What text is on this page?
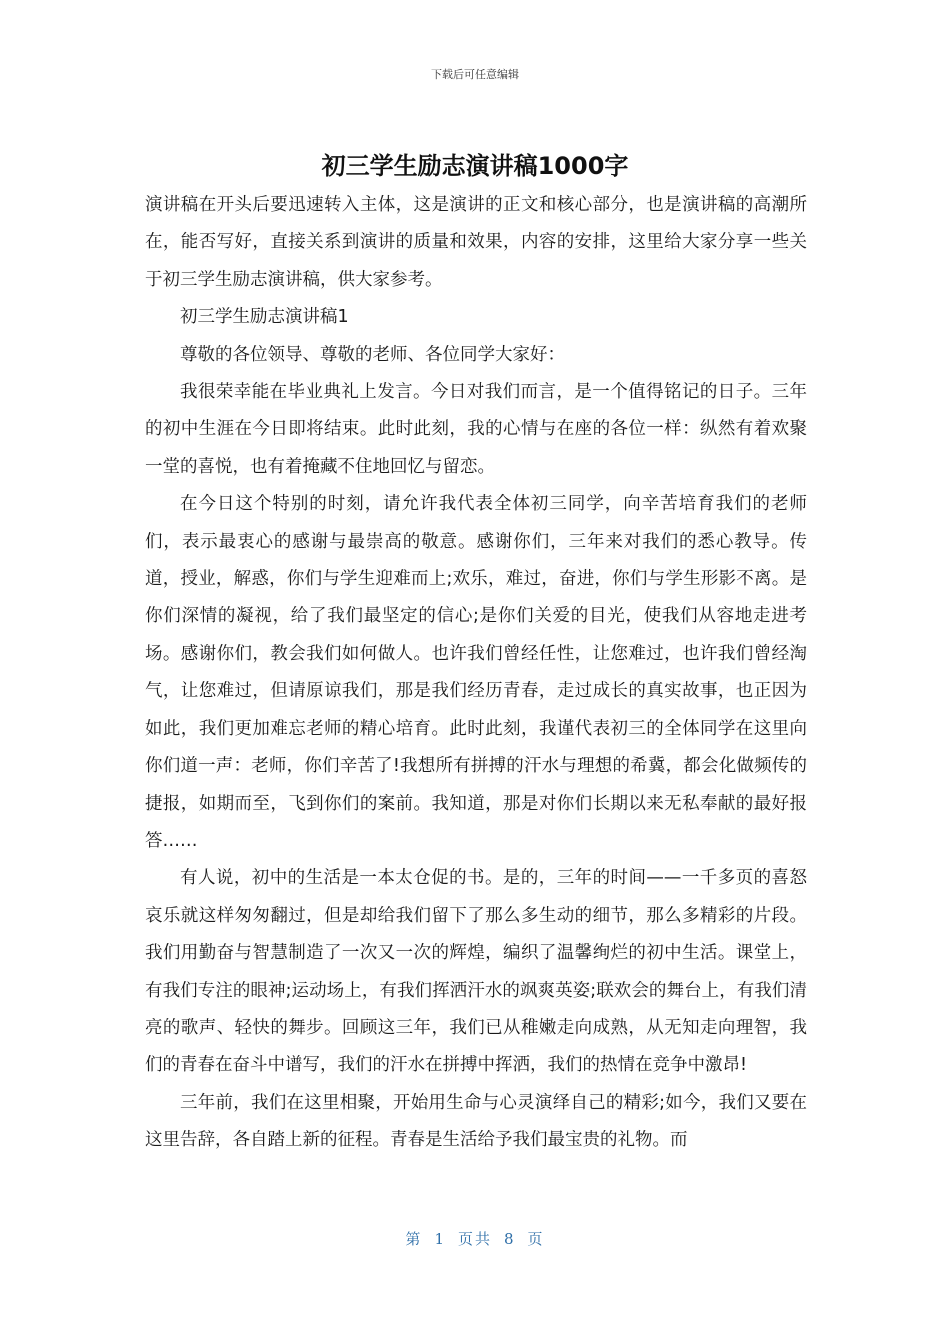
下载后可任意编辑
初三学生励志演讲稿1000字

演讲稿在开头后要迅速转入主体，这是演讲的正文和核心部分，也是演讲稿的高潮所在，能否写好，直接关系到演讲的质量和效果，内容的安排，这里给大家分享一些关于初三学生励志演讲稿，供大家参考。

初三学生励志演讲稿1

尊敬的各位领导、尊敬的老师、各位同学大家好：

我很荣幸能在毕业典礼上发言。今日对我们而言，是一个值得铭记的日子。三年的初中生涯在今日即将结束。此时此刻，我的心情与在座的各位一样：纵然有着欢聚一堂的喜悦，也有着掩藏不住地回忆与留恋。

在今日这个特别的时刻，请允许我代表全体初三同学，向辛苦培育我们的老师们，表示最衷心的感谢与最崇高的敬意。感谢你们，三年来对我们的悉心教导。传道，授业，解惑，你们与学生迎难而上;欢乐，难过，奋进，你们与学生形影不离。是你们深情的凝视，给了我们最坚定的信心;是你们关爱的目光，使我们从容地走进考场。感谢你们，教会我们如何做人。也许我们曾经任性，让您难过，也许我们曾经淘气，让您难过，但请原谅我们，那是我们经历青春，走过成长的真实故事，也正因为如此，我们更加难忘老师的精心培育。此时此刻，我谨代表初三的全体同学在这里向你们道一声：老师，你们辛苦了!我想所有拼搏的汗水与理想的希冀，都会化做频传的捷报，如期而至，飞到你们的案前。我知道，那是对你们长期以来无私奉献的最好报答……

有人说，初中的生活是一本太仓促的书。是的，三年的时间——一千多页的喜怒哀乐就这样匆匆翻过，但是却给我们留下了那么多生动的细节，那么多精彩的片段。我们用勤奋与智慧制造了一次又一次的辉煌，编织了温馨绚烂的初中生活。课堂上，有我们专注的眼神;运动场上，有我们挥洒汗水的飒爽英姿;联欢会的舞台上，有我们清亮的歌声、轻快的舞步。回顾这三年，我们已从稚嫩走向成熟，从无知走向理智，我们的青春在奋斗中谱写，我们的汗水在拼搏中挥洒，我们的热情在竞争中激昂!

三年前，我们在这里相聚，开始用生命与心灵演绎自己的精彩;如今，我们又要在这里告辞，各自踏上新的征程。青春是生活给予我们最宝贵的礼物。而

第 1 页共 8 页
